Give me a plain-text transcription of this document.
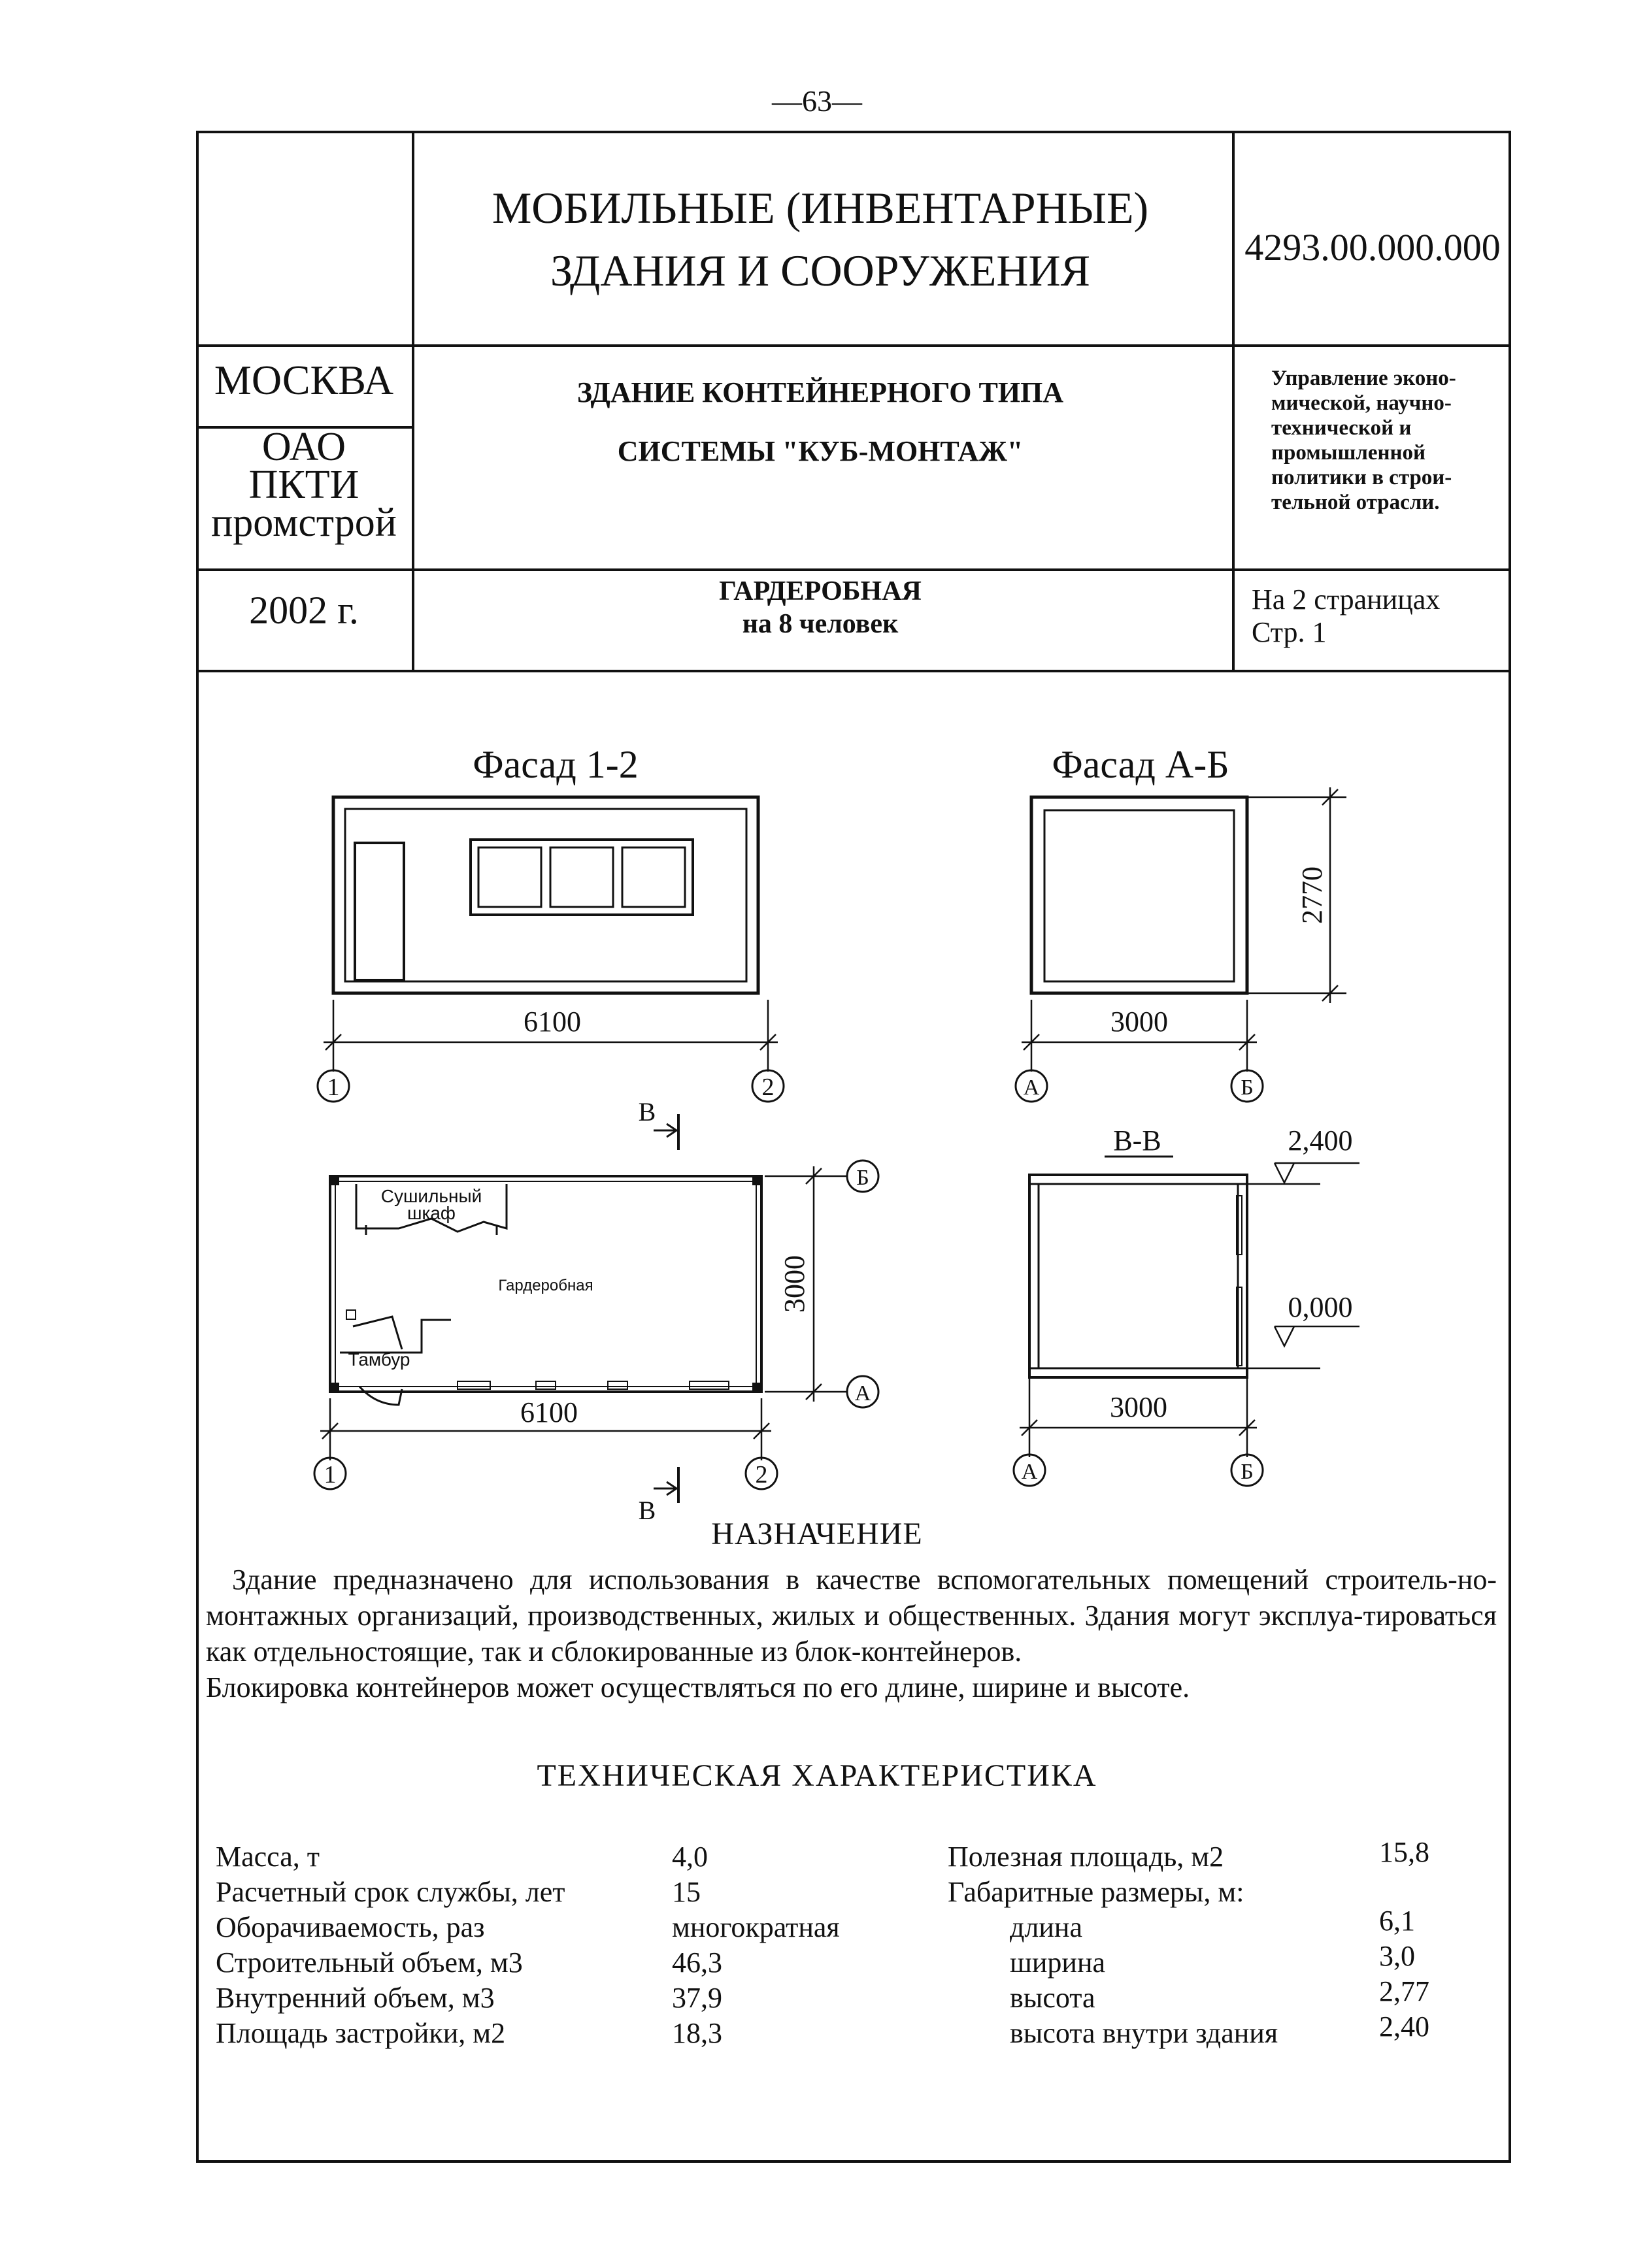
—63—
МОБИЛЬНЫЕ (ИНВЕНТАРНЫЕ)
ЗДАНИЯ И СООРУЖЕНИЯ	4293.00.000.000
МОСКВА
ОАО
ПКТИ
промстрой
ЗДАНИЕ КОНТЕЙНЕРНОГО ТИПА
СИСТЕМЫ "КУБ-МОНТАЖ"
Управление эконо-
мической, научно-
технической и
промышленной
политики в строи-
тельной отрасли.
2002 г.	ГАРДЕРОБНАЯ
на 8 человек
На 2 страницах
Стр. 1
Фасад 1-2
6100
1	2
Фасад А-Б
2770
3000
А	Б
В
Сушильный
шкаф
Гардеробная
Тамбур
3000
Б
А
6100
1	2
В
В-В	2,400
0,000
3000
А	Б
НАЗНАЧЕНИЕ

Здание предназначено для использования в качестве вспомогательных помещений строитель-но-монтажных организаций, производственных, жилых и общественных. Здания могут эксплуа-тироваться как отдельностоящие, так и сблокированные из блок-контейнеров.

Блокировка контейнеров может осуществляться по его длине, ширине и высоте.

ТЕХНИЧЕСКАЯ ХАРАКТЕРИСТИКА
Масса, т	4,0
Расчетный срок службы, лет	15
Оборачиваемость, раз	многократная
Строительный объем, м3	46,3
Внутренний объем, м3	37,9
Площадь застройки, м2	18,3
Полезная площадь, м2	15,8
Габаритные размеры, м:
длина	6,1
ширина	3,0
высота	2,77
высота внутри здания	2,40
